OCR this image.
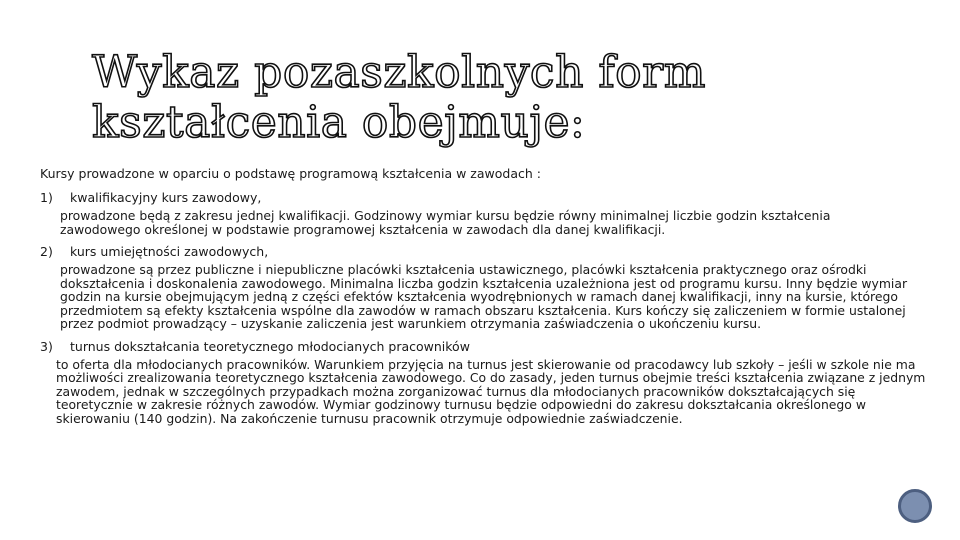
Wykaz pozaszkolnych form kształcenia obejmuje:

Kursy prowadzone w oparciu o podstawę programową kształcenia w zawodach :

1)	kwalifikacyjny kurs zawodowy,

prowadzone będą z zakresu jednej kwalifikacji. Godzinowy wymiar kursu będzie równy minimalnej liczbie godzin kształcenia zawodowego określonej w podstawie programowej kształcenia w zawodach dla danej kwalifikacji.

2)	kurs umiejętności zawodowych,

prowadzone są przez publiczne i niepubliczne placówki kształcenia ustawicznego, placówki kształcenia praktycznego oraz ośrodki dokształcenia i doskonalenia zawodowego. Minimalna liczba godzin kształcenia uzależniona jest od programu kursu. Inny będzie wymiar godzin na kursie obejmującym jedną z części efektów kształcenia wyodrębnionych w ramach danej kwalifikacji, inny na kursie, którego przedmiotem są efekty kształcenia wspólne dla zawodów w ramach obszaru kształcenia. Kurs kończy się zaliczeniem w formie ustalonej przez podmiot prowadzący – uzyskanie zaliczenia jest warunkiem otrzymania zaświadczenia o ukończeniu kursu.

3)	turnus dokształcania teoretycznego młodocianych pracowników

to oferta dla młodocianych pracowników. Warunkiem przyjęcia na turnus jest skierowanie od pracodawcy lub szkoły – jeśli w szkole nie ma możliwości zrealizowania teoretycznego kształcenia zawodowego. Co do zasady, jeden turnus obejmie treści kształcenia związane z jednym zawodem, jednak w szczególnych przypadkach można zorganizować turnus dla młodocianych pracowników dokształcających się teoretycznie w zakresie różnych zawodów. Wymiar godzinowy turnusu będzie odpowiedni do zakresu dokształcania określonego w skierowaniu (140 godzin). Na zakończenie turnusu pracownik otrzymuje odpowiednie zaświadczenie.
